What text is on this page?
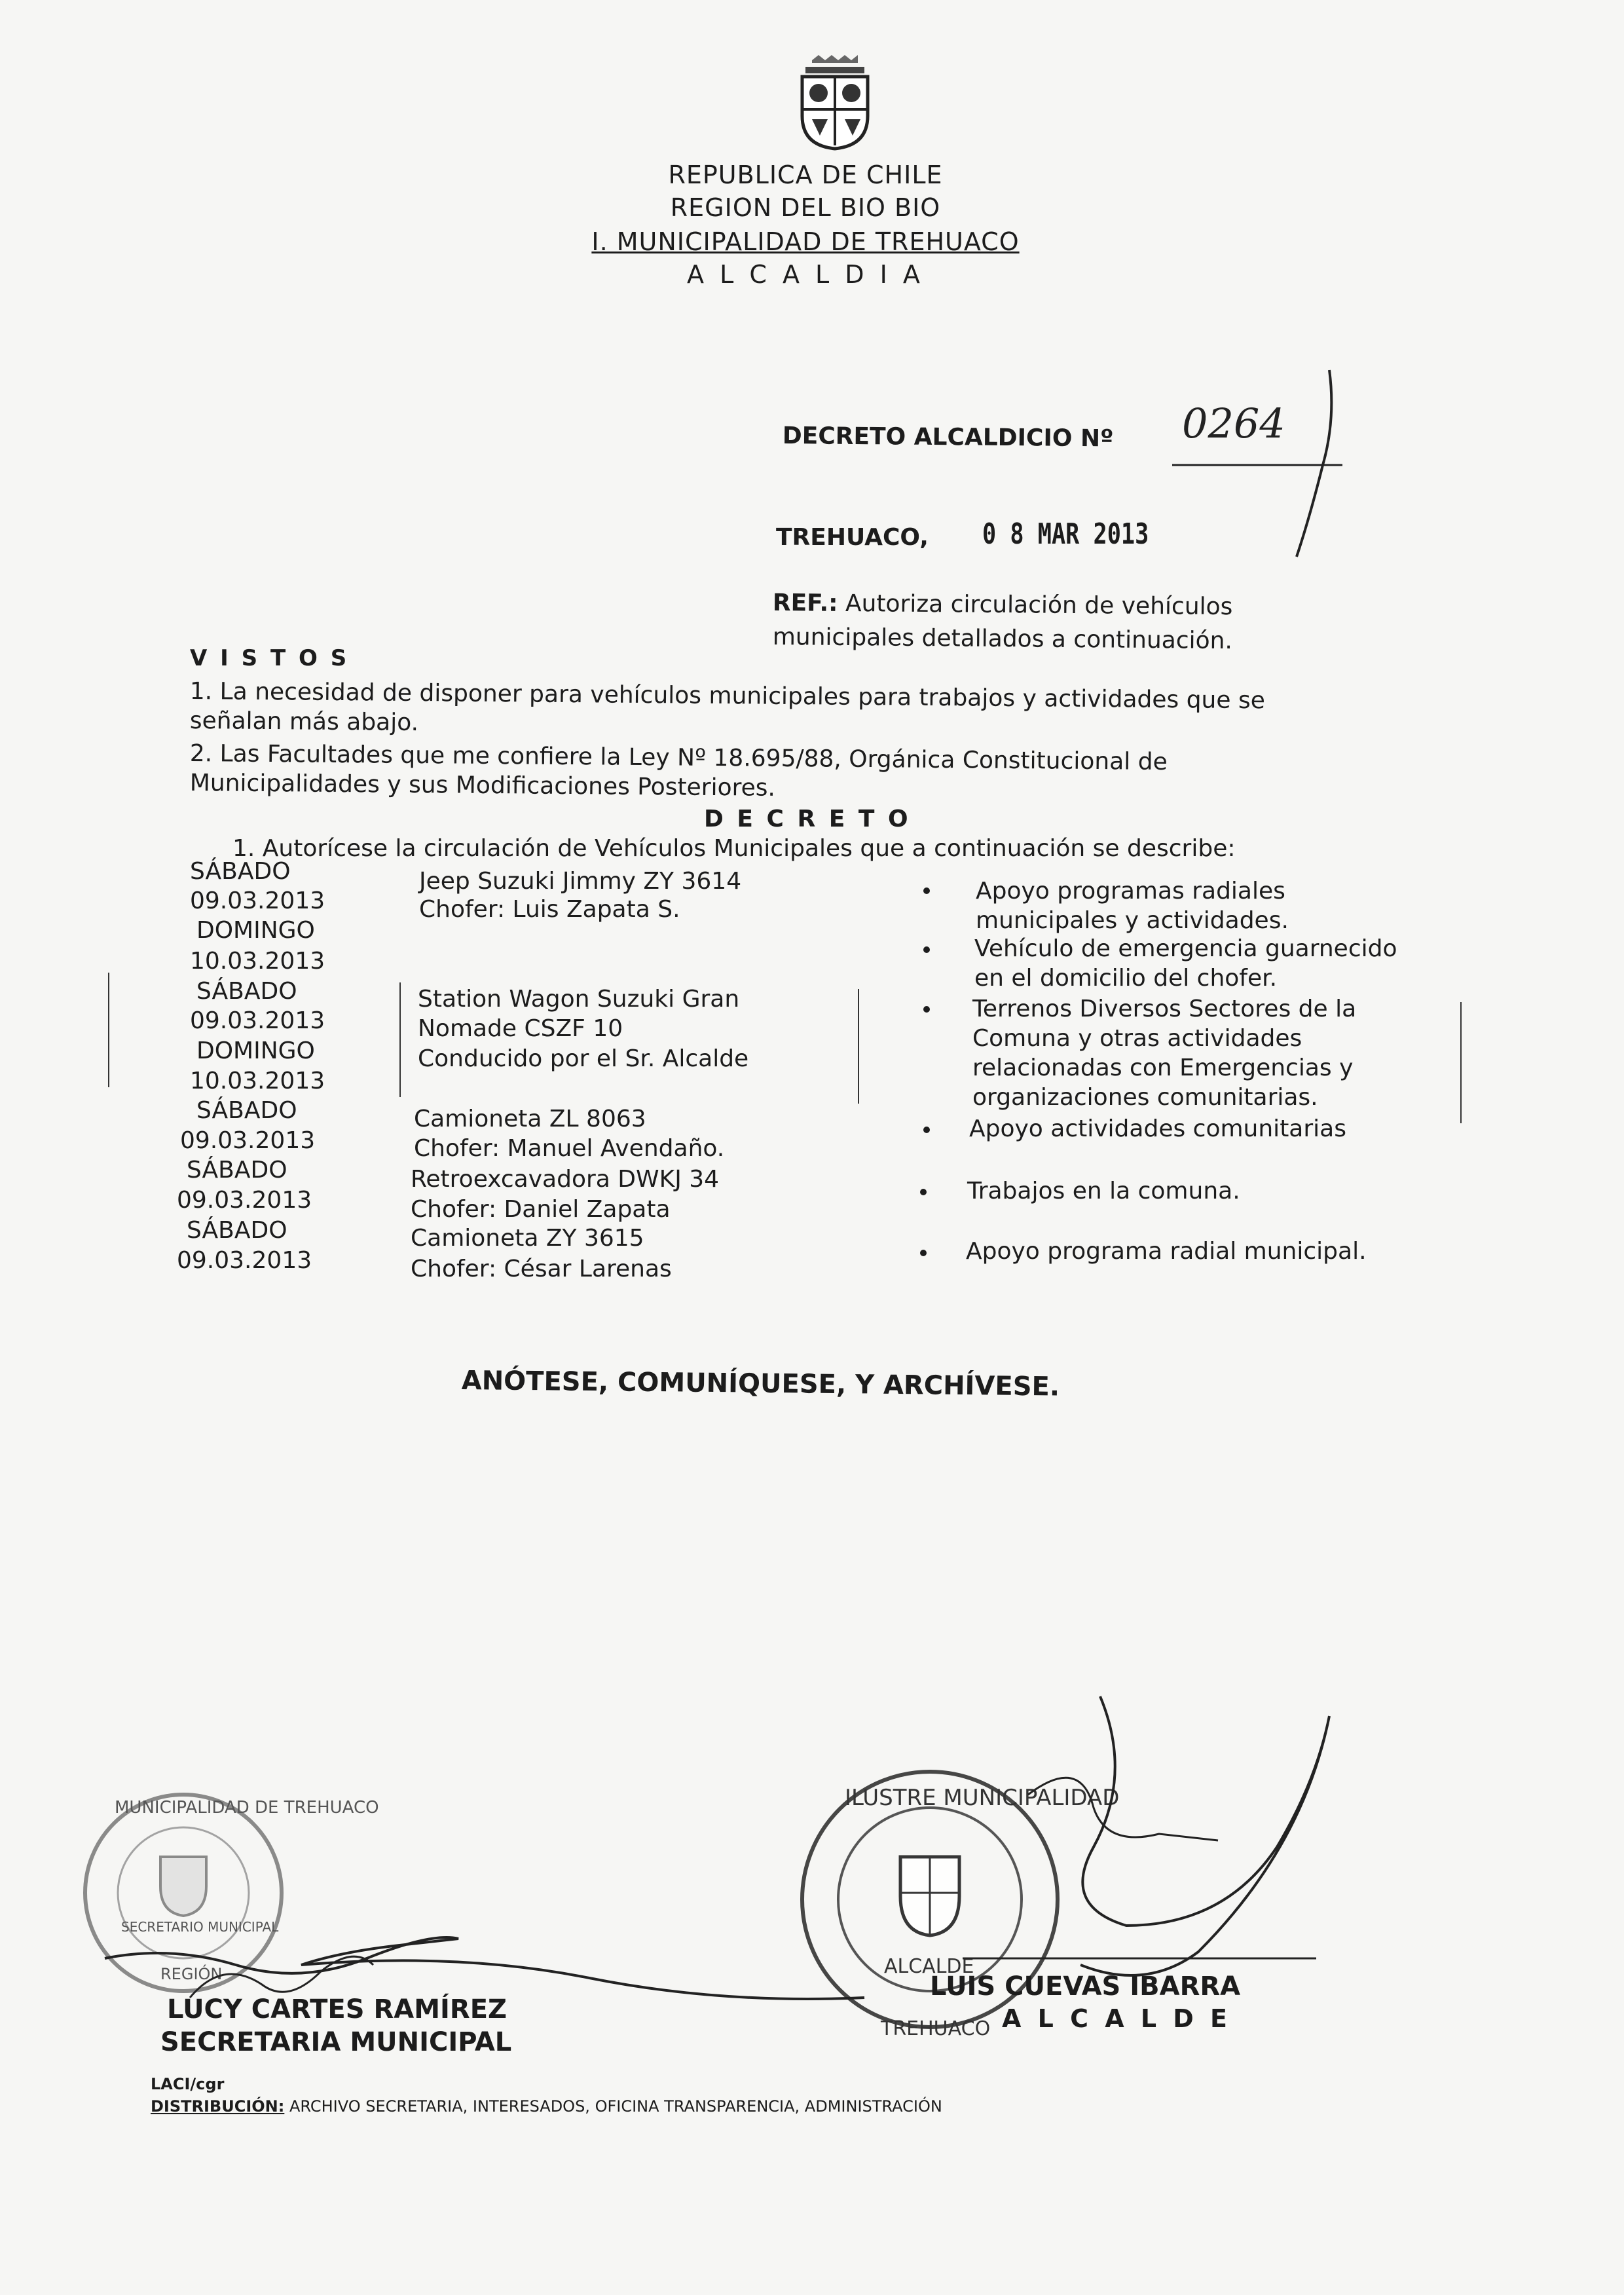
REPUBLICA DE CHILE
REGION DEL BIO BIO
I. MUNICIPALIDAD DE TREHUACO
A L C A L D I A
DECRETO ALCALDICIO Nº 0264
TREHUACO, 0 8 MAR 2013
REF.: Autoriza circulación de vehículos
municipales detallados a continuación.
V I S T O S
1. La necesidad de disponer para vehículos municipales para trabajos y actividades que se
señalan más abajo.
2. Las Facultades que me confiere la Ley Nº 18.695/88, Orgánica Constitucional de
Municipalidades y sus Modificaciones Posteriores.
D E C R E T O
1. Autorícese la circulación de Vehículos Municipales que a continuación se describe:
SÁBADO
09.03.2013
DOMINGO
10.03.2013
SÁBADO
09.03.2013
DOMINGO
10.03.2013
SÁBADO
09.03.2013
SÁBADO
09.03.2013
SÁBADO
09.03.2013
Jeep Suzuki Jimmy ZY 3614
Chofer: Luis Zapata S.
Station Wagon Suzuki Gran
Nomade CSZF 10
Conducido por el Sr. Alcalde
Camioneta ZL 8063
Chofer: Manuel Avendaño.
Retroexcavadora DWKJ 34
Chofer: Daniel Zapata
Camioneta ZY 3615
Chofer: César Larenas
Apoyo programas radiales
municipales y actividades.
Vehículo de emergencia guarnecido
en el domicilio del chofer.
Terrenos Diversos Sectores de la
Comuna y otras actividades
relacionadas con Emergencias y
organizaciones comunitarias.
Apoyo actividades comunitarias
Trabajos en la comuna.
Apoyo programa radial municipal.
ANÓTESE, COMUNÍQUESE, Y ARCHÍVESE.
MUNICIPALIDAD DE TREHUACO
SECRETARIO MUNICIPAL
REGIÓN
ILUSTRE MUNICIPALIDAD
ALCALDE
TREHUACO
LUCY CARTES RAMÍREZ
SECRETARIA MUNICIPAL
LUIS CUEVAS IBARRA
A L C A L D E
LACI/cgr
DISTRIBUCIÓN: ARCHIVO SECRETARIA, INTERESADOS, OFICINA TRANSPARENCIA, ADMINISTRACIÓN
